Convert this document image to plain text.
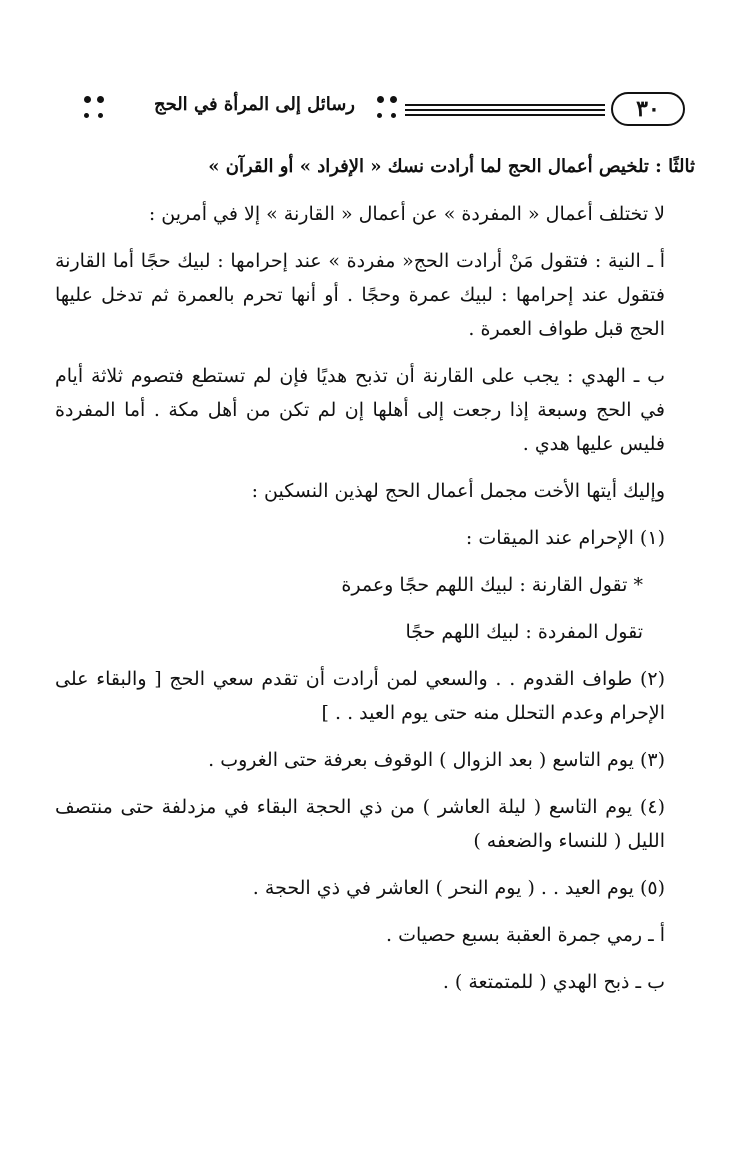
٣٠
رسائل إلى المرأة في الحج

ثالثًا : تلخيص أعمال الحج لما أرادت نسك « الإفراد » أو القرآن »

لا تختلف أعمال « المفردة » عن أعمال « القارنة » إلا في أمرين :

أ ـ النية : فتقول مَنْ أرادت الحج« مفردة » عند إحرامها : لبيك حجًا أما القارنة فتقول عند إحرامها : لبيك عمرة وحجًا . أو أنها تحرم بالعمرة ثم تدخل عليها الحج قبل طواف العمرة .

ب ـ الهدي : يجب على القارنة أن تذبح هديًا فإن لم تستطع فتصوم ثلاثة أيام في الحج وسبعة إذا رجعت إلى أهلها إن لم تكن من أهل مكة . أما المفردة فليس عليها هدي .

وإليك أيتها الأخت مجمل أعمال الحج لهذين النسكين :

(١) الإحرام عند الميقات :

* تقول القارنة : لبيك اللهم حجًا وعمرة

تقول المفردة : لبيك اللهم حجًا

(٢) طواف القدوم . . والسعي لمن أرادت أن تقدم سعي الحج [ والبقاء على الإحرام وعدم التحلل منه حتى يوم العيد . . ]

(٣) يوم التاسع ( بعد الزوال ) الوقوف بعرفة حتى الغروب .

(٤) يوم التاسع ( ليلة العاشر ) من ذي الحجة البقاء في مزدلفة حتى منتصف الليل ( للنساء والضعفه )

(٥) يوم العيد . . ( يوم النحر ) العاشر في ذي الحجة .

أ ـ رمي جمرة العقبة بسبع حصيات .

ب ـ ذبح الهدي ( للمتمتعة ) .
